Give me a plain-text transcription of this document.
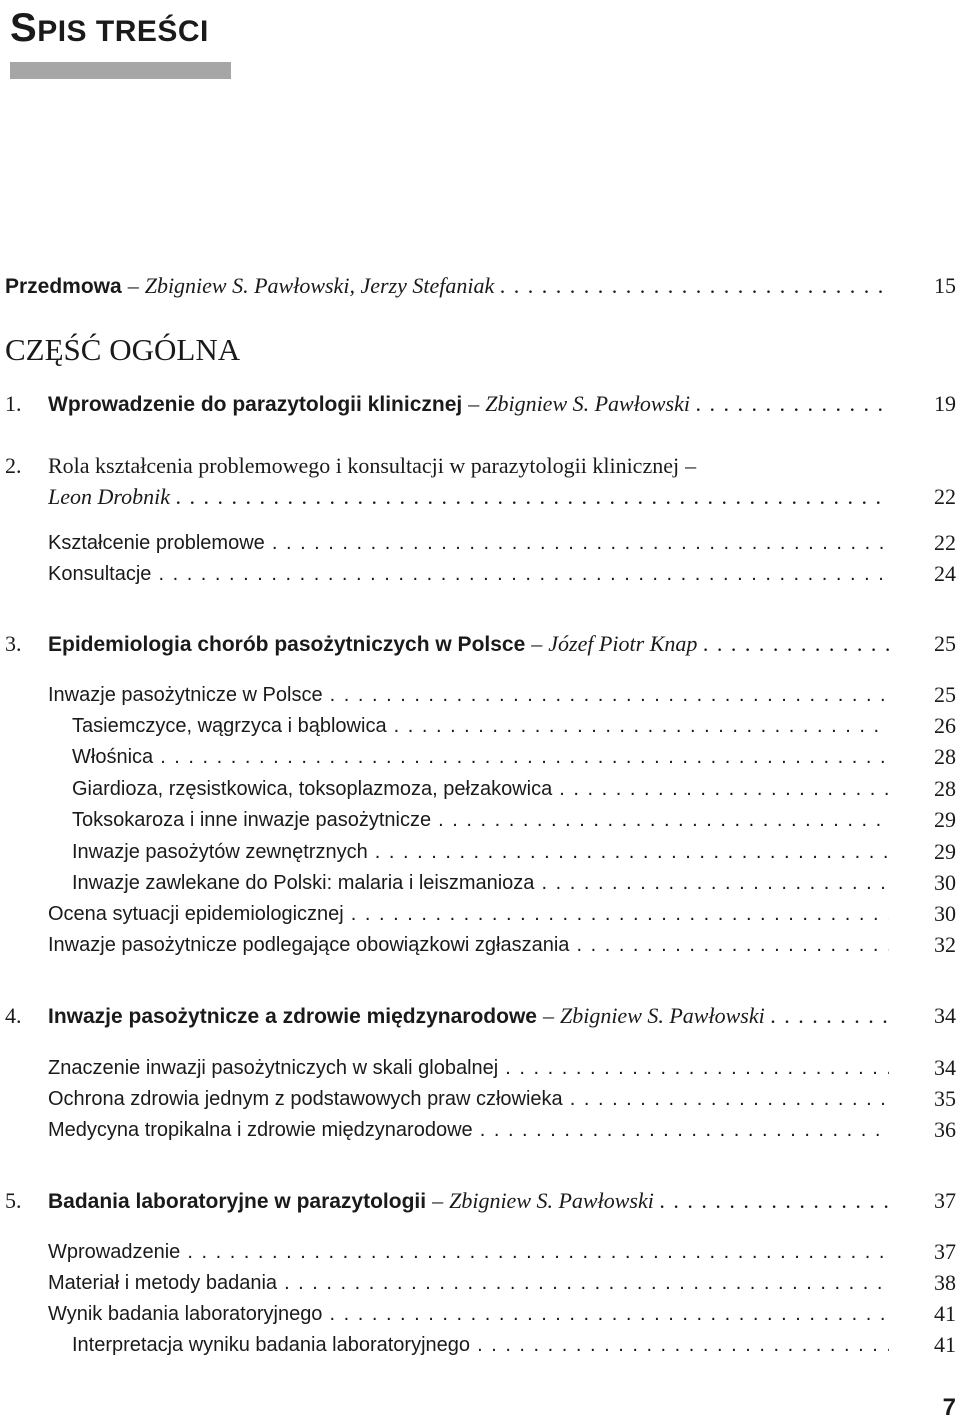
SPIS TREŚCI
Przedmowa – Zbigniew S. Pawłowski, Jerzy Stefaniak . . .	15
CZĘŚĆ OGÓLNA
1. Wprowadzenie do parazytologii klinicznej – Zbigniew S. Pawłowski . . .	19
2. Rola kształcenia problemowego i konsultacji w parazytologii klinicznej –
Leon Drobnik . . .	22
Kształcenie problemowe . . .	22
Konsultacje . . .	24
3. Epidemiologia chorób pasożytniczych w Polsce – Józef Piotr Knap . . .	25
Inwazje pasożytnicze w Polsce . . .	25
Tasiemczyce, wągrzyca i bąblowica . . .	26
Włośnica . . .	28
Giardioza, rzęsistkowica, toksoplazmoza, pełzakowica . . .	28
Toksokaroza i inne inwazje pasożytnicze . . .	29
Inwazje pasożytów zewnętrznych . . .	29
Inwazje zawlekane do Polski: malaria i leiszmanioza . . .	30
Ocena sytuacji epidemiologicznej . . .	30
Inwazje pasożytnicze podlegające obowiązkowi zgłaszania . . .	32
4. Inwazje pasożytnicze a zdrowie międzynarodowe – Zbigniew S. Pawłowski . . .	34
Znaczenie inwazji pasożytniczych w skali globalnej . . .	34
Ochrona zdrowia jednym z podstawowych praw człowieka . . .	35
Medycyna tropikalna i zdrowie międzynarodowe . . .	36
5. Badania laboratoryjne w parazytologii – Zbigniew S. Pawłowski . . .	37
Wprowadzenie . . .	37
Materiał i metody badania . . .	38
Wynik badania laboratoryjnego . . .	41
Interpretacja wyniku badania laboratoryjnego . . .	41
7
